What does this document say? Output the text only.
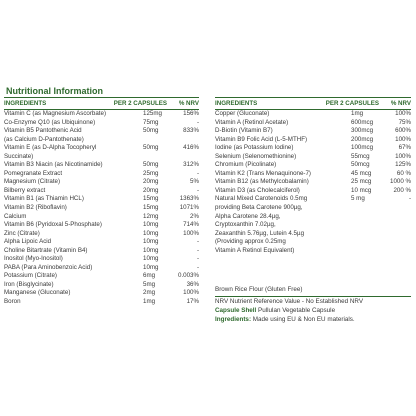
Nutritional Information
INGREDIENTS	PER 2 CAPSULES	% NRV
Vitamin C (as Magnesium Ascorbate)	125mg	156%
Co-Enzyme Q10 (as Ubiquinone)	75mg	-
Vitamin B5 Pantothenic Acid	50mg	833%
(as Calcium D-Pantothenate)
Vitamin E (as D-Alpha Tocopheryl	50mg	416%
Succinate)
Vitamin B3 Niacin (as Nicotinamide)	50mg	312%
Pomegranate Extract	25mg	-
Magnesium (Citrate)	20mg	5%
Bilberry extract	20mg	-
Vitamin B1 (as Thiamin HCL)	15mg	1363%
Vitamin B2 (Riboflavin)	15mg	1071%
Calcium	12mg	2%
Vitamin B6 (Pyridoxal 5-Phosphate)	10mg	714%
Zinc (Citrate)	10mg	100%
Alpha Lipoic Acid	10mg	-
Choline Bitartrate (Vitamin B4)	10mg	-
Inositol (Myo-Inositol)	10mg	-
PABA (Para Aminobenzoic Acid)	10mg	-
Potassium (Citrate)	6mg	0.003%
Iron (Bisglycinate)	5mg	36%
Manganese (Gluconate)	2mg	100%
Boron	1mg	17%
INGREDIENTS	PER 2 CAPSULES	% NRV
Copper (Gluconate)	1mg	100%
Vitamin A (Retinol Acetate)	600mcg	75%
D-Biotin (Vitamin B7)	300mcg	600%
Vitamin B9 Folic Acid (L-5-MTHF)	200mcg	100%
Iodine (as Potassium Iodine)	100mcg	67%
Selenium (Selenomethionine)	55mcg	100%
Chromium (Picolinate)	50mcg	125%
Vitamin K2 (Trans Menaquinone-7)	45 mcg	60 %
Vitamin B12 (as Methylcobalamin)	25 mcg	1000 %
Vitamin D3 (as Cholecalciferol)	10 mcg	200 %
Natural Mixed Carotenoids 0.5mg	5 mg	-
providing Beta Carotene 900µg,
Alpha Carotene 28.4µg,
Cryptoxanthin 7.02µg,
Zeaxanthin 5.76µg, Lutein 4.5µg
(Providing approx 0.25mg
Vitamin A Retinol Equivalent)
Brown Rice Flour (Gluten Free)
NRV Nutrient Reference Value - No Established NRV
Capsule Shell Pullulan Vegetable Capsule
Ingredients: Made using EU & Non EU materials.
